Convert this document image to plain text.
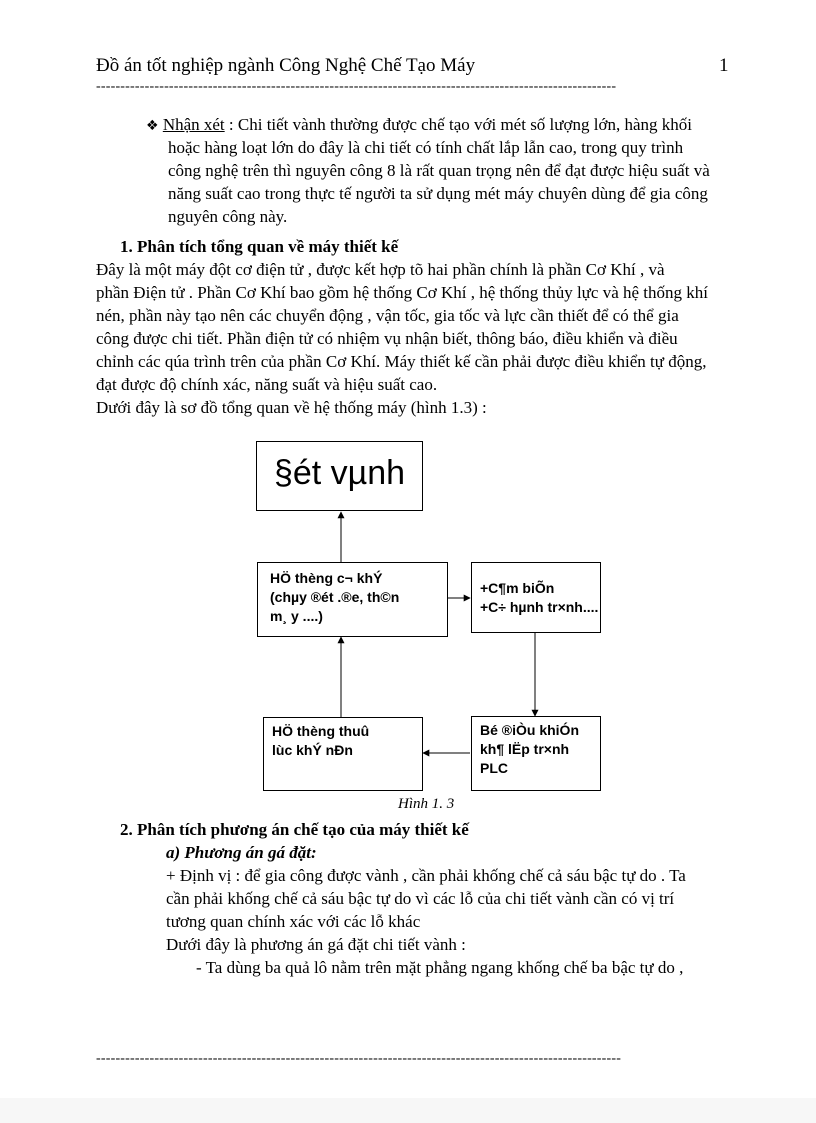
Đồ án tốt nghiệp ngành Công Nghệ Chế Tạo Máy	1
-----------------------------------------------------------------------------------------------------------
❖ Nhận xét : Chi tiết vành thường được chế tạo với mét số lượng lớn, hàng khối
hoặc hàng loạt lớn do đây là chi tiết có tính chất lắp lẫn cao, trong quy trình
công nghệ trên thì nguyên công 8 là rất quan trọng nên để đạt được hiệu suất và
năng suất cao trong thực tế người ta sử dụng mét máy chuyên dùng để gia công
nguyên công này.
1. Phân tích tổng quan về máy thiết kế
Đây là một máy đột cơ điện tử , được kết hợp tõ hai phần chính là phần Cơ Khí , và
phần Điện tử . Phần Cơ Khí bao gồm hệ thống Cơ Khí , hệ thống thủy lực và hệ thống khí
nén, phần này tạo nên các chuyển động , vận tốc, gia tốc và lực cần thiết để có thể gia
công được chi tiết. Phần điện tử có nhiệm vụ nhận biết, thông báo, điều khiển và điều
chỉnh các qúa trình trên của phần Cơ Khí. Máy thiết kế cần phải được điều khiển tự động,
đạt được độ chính xác, năng suất và hiệu suất cao.
Dưới đây là sơ đồ tổng quan về hệ thống máy (hình 1.3) :
§ét vµnh
HÖ thèng c¬ khÝ
(chµy ®ét .®e, th©n
m¸ y ....)
+C¶m biÕn
+C÷ hµnh tr×nh....
HÖ thèng thuû
lùc khÝ nÐn
Bé ®iÒu khiÓn
kh¶ lËp tr×nh
PLC
Hình 1. 3
2. Phân tích phương án chế tạo của máy thiết kế
a) Phương án gá đặt:
+ Định vị : để gia công được vành , cần phải khống chế cả sáu bậc tự do . Ta
cần phải khống chế cả sáu bậc tự do vì các lỗ của chi tiết vành cần có vị trí
tương quan chính xác với các lỗ khác
Dưới đây là phương án gá đặt chi tiết vành :
- Ta dùng ba quả lô nằm trên mặt phẳng ngang khống chế ba bậc tự do ,
------------------------------------------------------------------------------------------------------------
